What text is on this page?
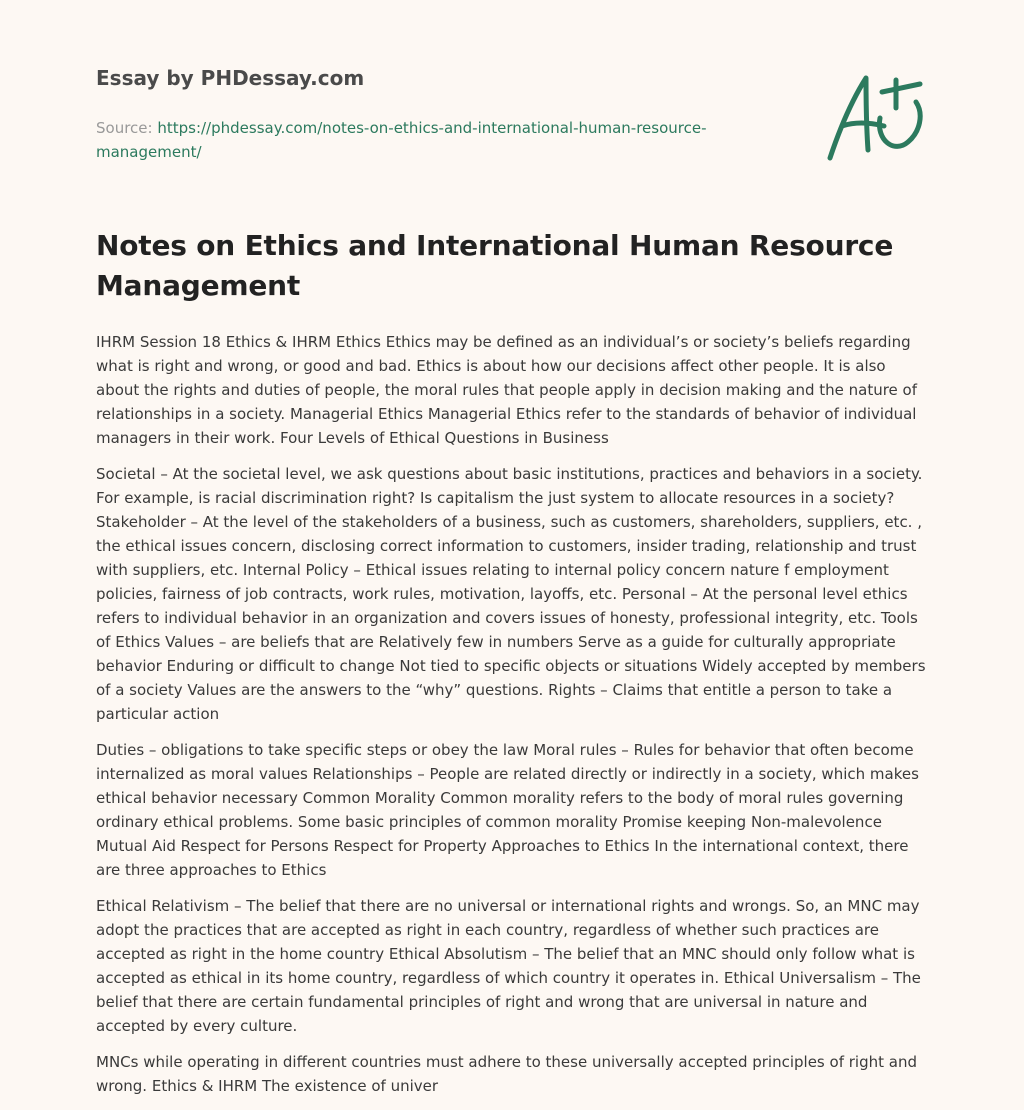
Essay by PHDessay.com

Source: https://phdessay.com/notes-on-ethics-and-international-human-resource-management/

Notes on Ethics and International Human Resource Management

IHRM Session 18 Ethics & IHRM Ethics Ethics may be defined as an individual’s or society’s beliefs regarding what is right and wrong, or good and bad. Ethics is about how our decisions affect other people. It is also about the rights and duties of people, the moral rules that people apply in decision making and the nature of relationships in a society. Managerial Ethics Managerial Ethics refer to the standards of behavior of individual managers in their work. Four Levels of Ethical Questions in Business

Societal – At the societal level, we ask questions about basic institutions, practices and behaviors in a society. For example, is racial discrimination right? Is capitalism the just system to allocate resources in a society? Stakeholder – At the level of the stakeholders of a business, such as customers, shareholders, suppliers, etc. , the ethical issues concern, disclosing correct information to customers, insider trading, relationship and trust with suppliers, etc. Internal Policy – Ethical issues relating to internal policy concern nature f employment policies, fairness of job contracts, work rules, motivation, layoffs, etc. Personal – At the personal level ethics refers to individual behavior in an organization and covers issues of honesty, professional integrity, etc. Tools of Ethics Values – are beliefs that are Relatively few in numbers Serve as a guide for culturally appropriate behavior Enduring or difficult to change Not tied to specific objects or situations Widely accepted by members of a society Values are the answers to the “why” questions. Rights – Claims that entitle a person to take a particular action

Duties – obligations to take specific steps or obey the law Moral rules – Rules for behavior that often become internalized as moral values Relationships – People are related directly or indirectly in a society, which makes ethical behavior necessary Common Morality Common morality refers to the body of moral rules governing ordinary ethical problems. Some basic principles of common morality Promise keeping Non-malevolence Mutual Aid Respect for Persons Respect for Property Approaches to Ethics In the international context, there are three approaches to Ethics

Ethical Relativism – The belief that there are no universal or international rights and wrongs. So, an MNC may adopt the practices that are accepted as right in each country, regardless of whether such practices are accepted as right in the home country Ethical Absolutism – The belief that an MNC should only follow what is accepted as ethical in its home country, regardless of which country it operates in. Ethical Universalism – The belief that there are certain fundamental principles of right and wrong that are universal in nature and accepted by every culture.

MNCs while operating in different countries must adhere to these universally accepted principles of right and wrong. Ethics & IHRM The existence of univer
